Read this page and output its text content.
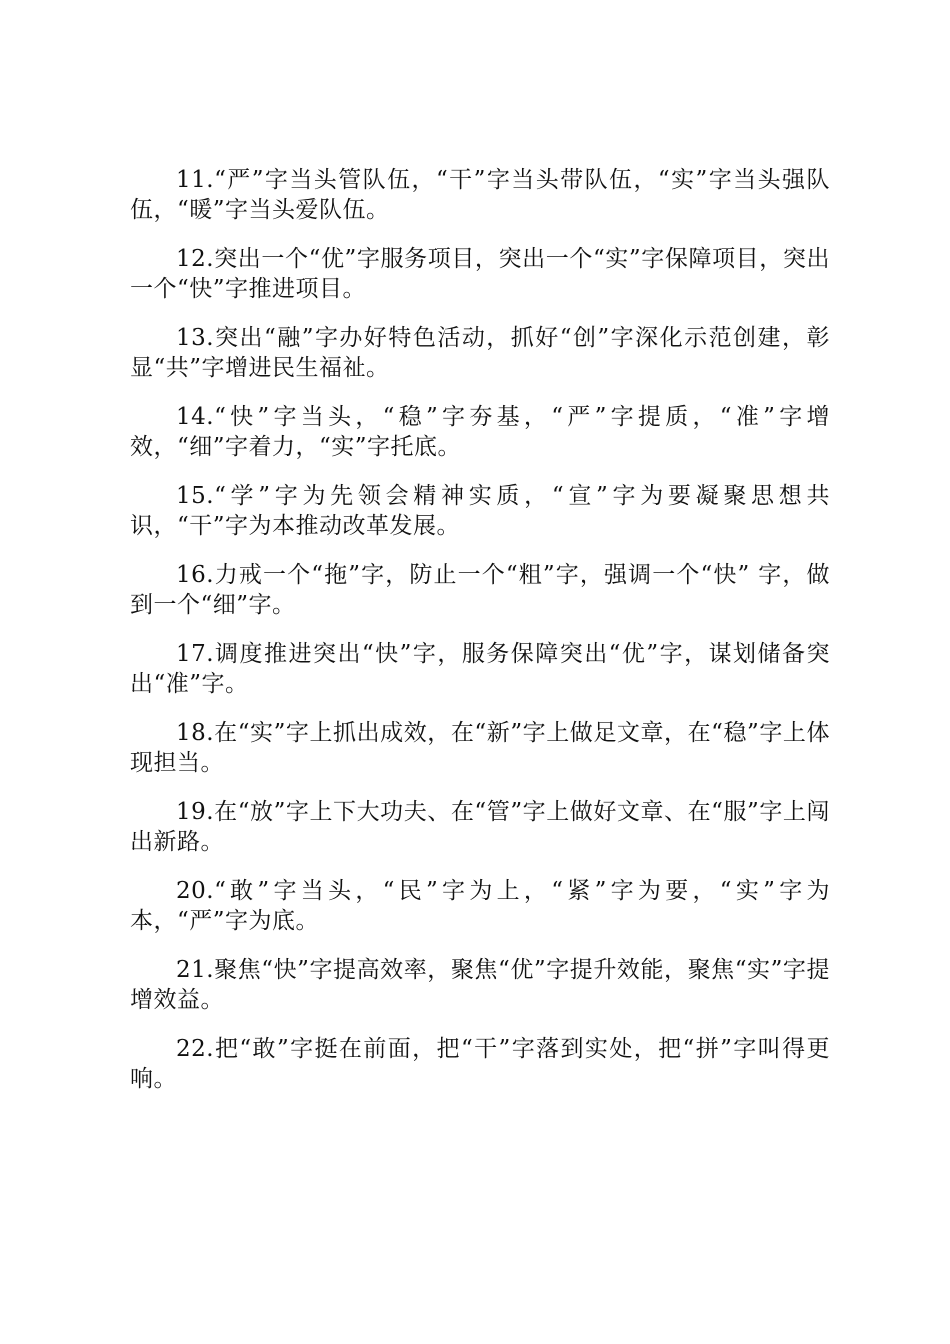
11.“严”字当头管队伍，“干”字当头带队伍，“实”字当头强队伍，“暖”字当头爱队伍。

12.突出一个“优”字服务项目，突出一个“实”字保障项目，突出一个“快”字推进项目。

13.突出“融”字办好特色活动，抓好“创”字深化示范创建，彰显“共”字增进民生福祉。

14.“快”字当头，“稳”字夯基，“严”字提质，“准”字增效，“细”字着力，“实”字托底。

15.“学”字为先领会精神实质，“宣”字为要凝聚思想共识，“干”字为本推动改革发展。

16.力戒一个“拖”字，防止一个“粗”字，强调一个“快” 字，做到一个“细”字。

17.调度推进突出“快”字，服务保障突出“优”字，谋划储备突出“准”字。

18.在“实”字上抓出成效，在“新”字上做足文章，在“稳”字上体现担当。

19.在“放”字上下大功夫、在“管”字上做好文章、在“服”字上闯出新路。

20.“敢”字当头，“民”字为上，“紧”字为要，“实”字为本，“严”字为底。

21.聚焦“快”字提高效率，聚焦“优”字提升效能，聚焦“实”字提增效益。

22.把“敢”字挺在前面，把“干”字落到实处，把“拼”字叫得更响。
